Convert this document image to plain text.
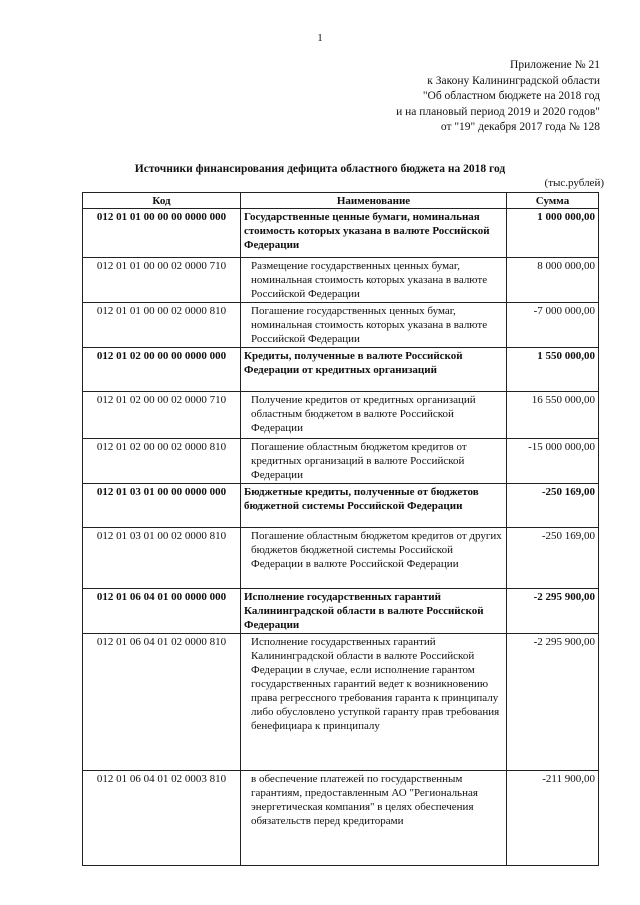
1
Приложение № 21
к Закону Калининградской области
"Об областном бюджете на 2018 год
и на плановый период 2019 и 2020 годов"
от "19" декабря 2017 года № 128
Источники финансирования дефицита областного бюджета на 2018 год
(тыс.рублей)
Код	Наименование	Сумма
012 01 01 00 00 00 0000 000	Государственные ценные бумаги, номинальная стоимость которых указана в валюте Российской Федерации	1 000 000,00
012 01 01 00 00 02 0000 710	Размещение государственных ценных бумаг, номинальная стоимость которых указана в валюте Российской Федерации	8 000 000,00
012 01 01 00 00 02 0000 810	Погашение государственных ценных бумаг, номинальная стоимость которых указана в валюте Российской Федерации	-7 000 000,00
012 01 02 00 00 00 0000 000	Кредиты, полученные в валюте Российской Федерации от кредитных организаций	1 550 000,00
012 01 02 00 00 02 0000 710	Получение кредитов от кредитных организаций областным бюджетом в валюте Российской Федерации	16 550 000,00
012 01 02 00 00 02 0000 810	Погашение областным бюджетом кредитов от кредитных организаций в валюте Российской Федерации	-15 000 000,00
012 01 03 01 00 00 0000 000	Бюджетные кредиты, полученные от бюджетов бюджетной системы Российской Федерации	-250 169,00
012 01 03 01 00 02 0000 810	Погашение областным бюджетом кредитов от других бюджетов бюджетной системы Российской Федерации в валюте Российской Федерации	-250 169,00
012 01 06 04 01 00 0000 000	Исполнение государственных гарантий Калининградской области в валюте Российской Федерации	-2 295 900,00
012 01 06 04 01 02 0000 810	Исполнение государственных гарантий Калининградской области в валюте Российской Федерации в случае, если исполнение гарантом государственных гарантий ведет к возникновению права регрессного требования гаранта к принципалу либо обусловлено уступкой гаранту прав требования бенефициара к принципалу	-2 295 900,00
012 01 06 04 01 02 0003 810	в обеспечение платежей по государственным гарантиям, предоставленным АО "Региональная энергетическая компания" в целях обеспечения обязательств перед кредиторами	-211 900,00
